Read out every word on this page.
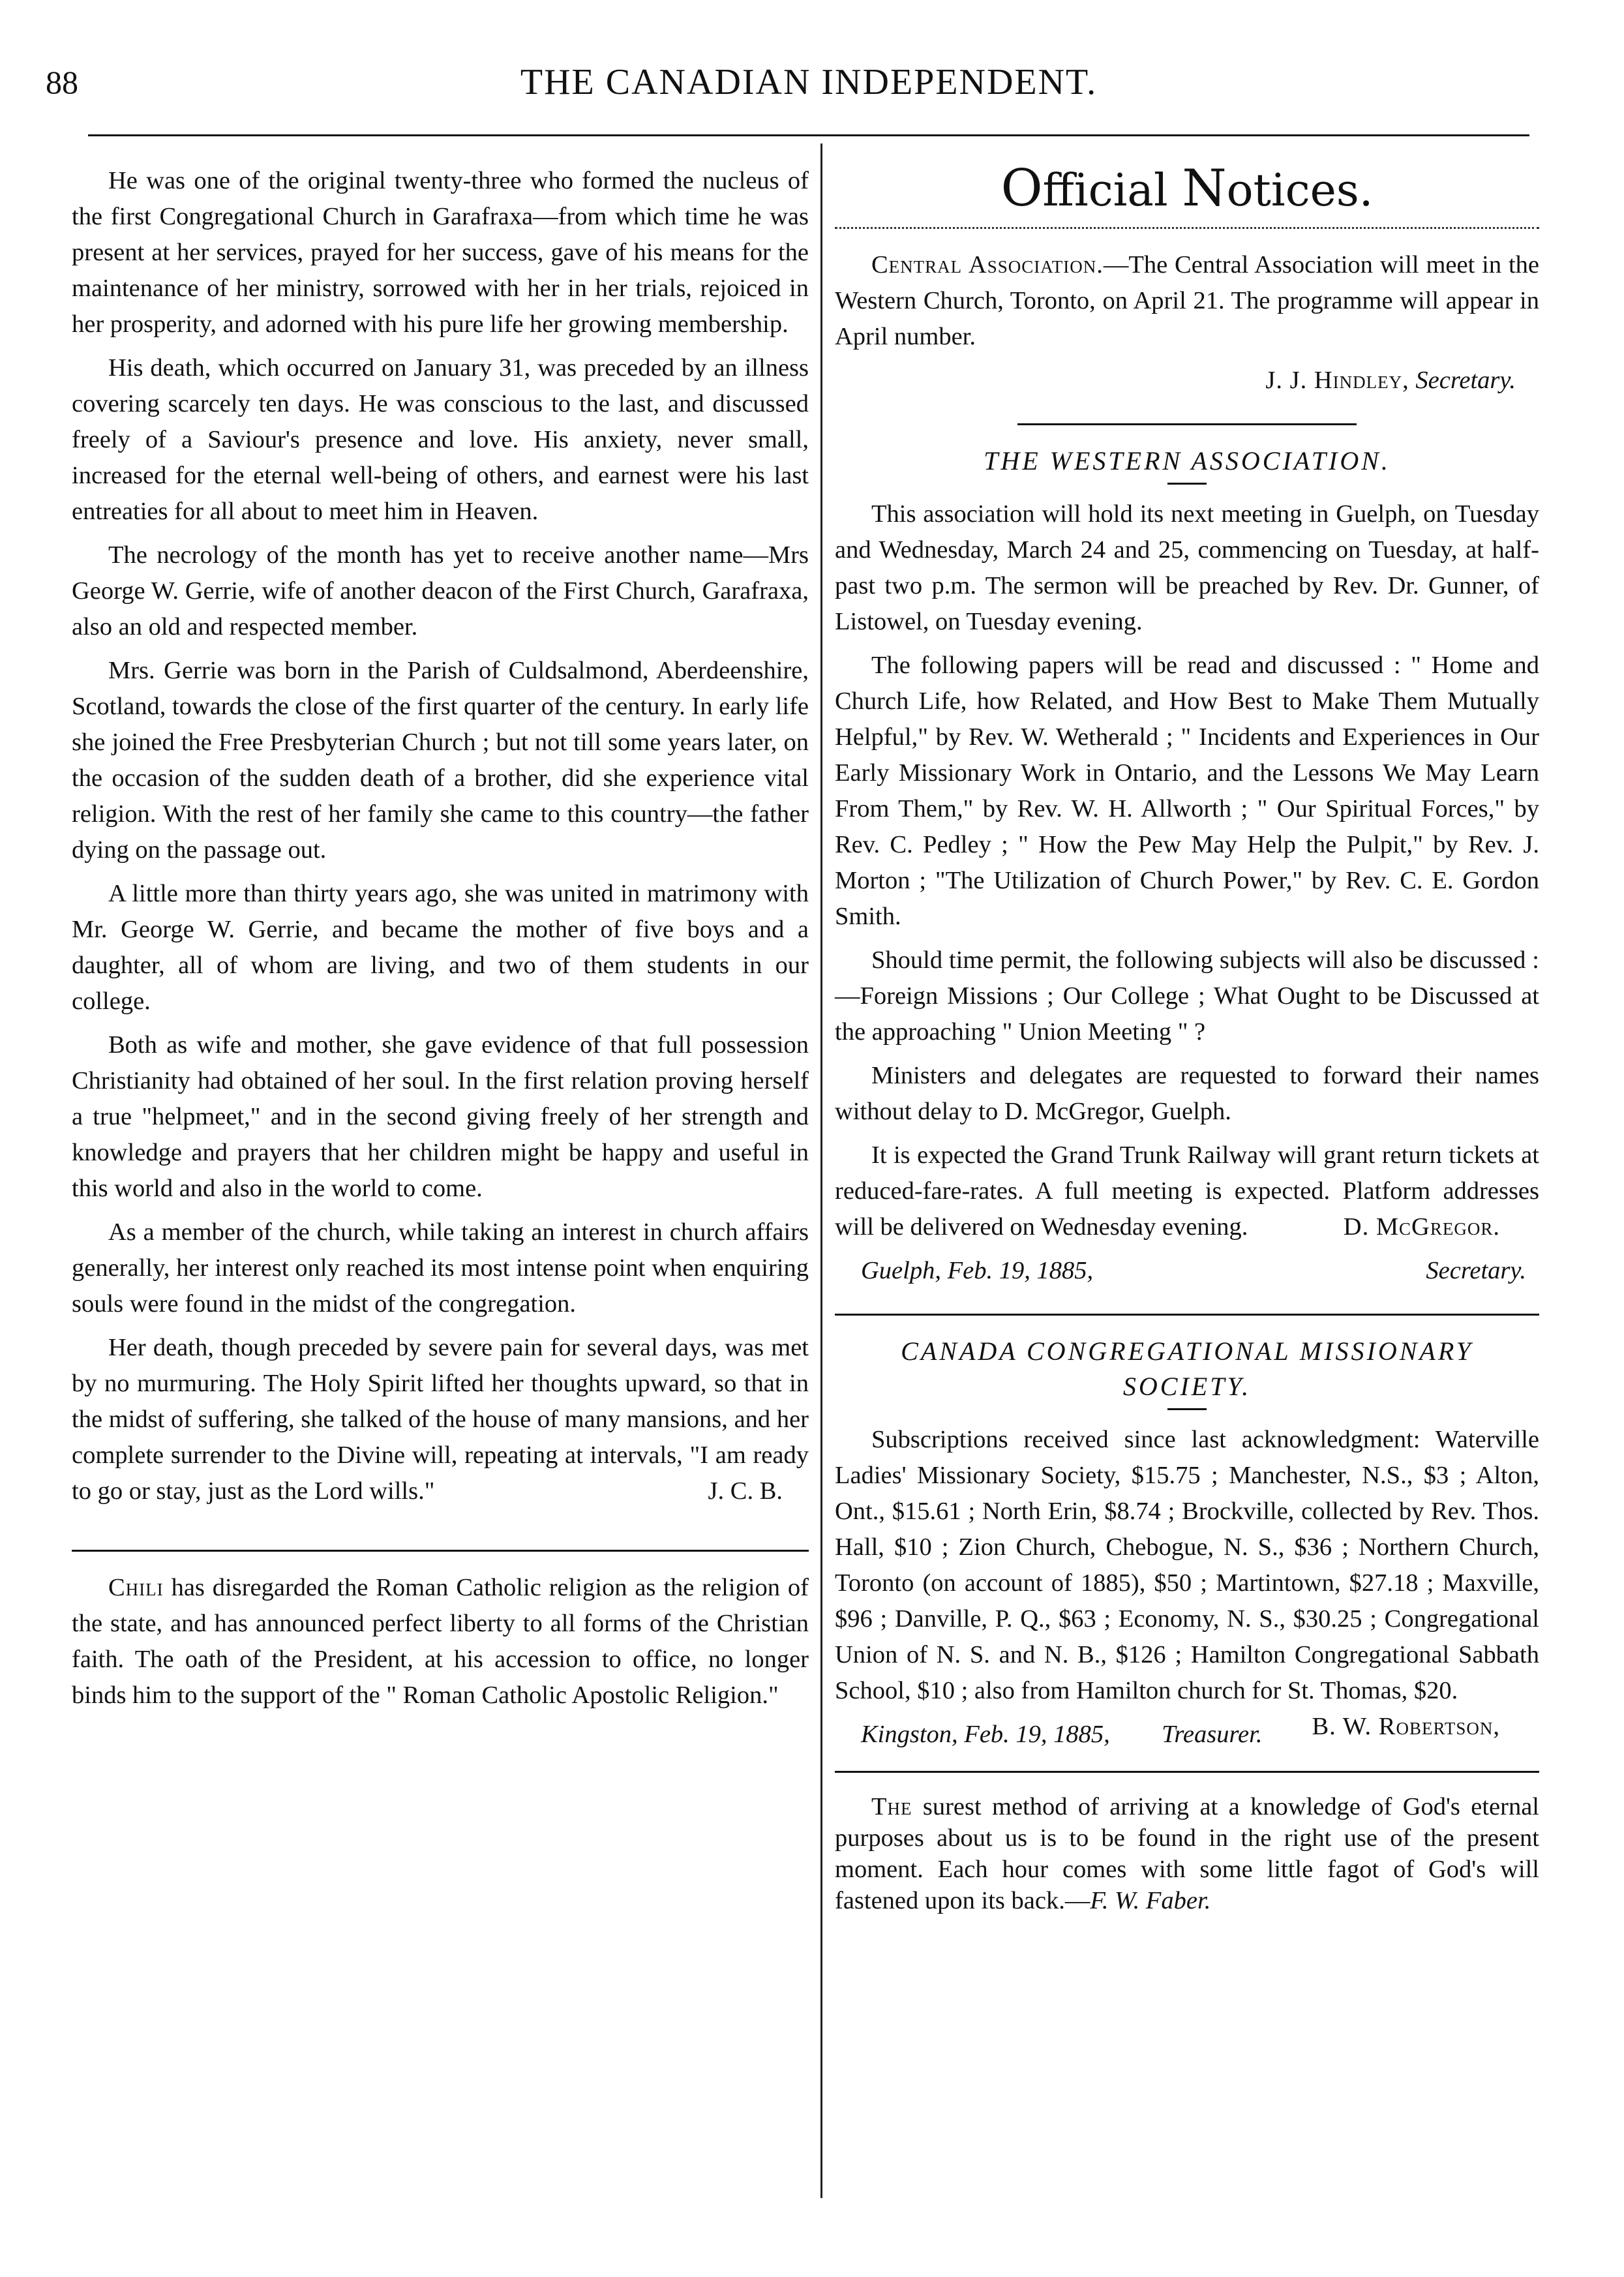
88	THE CANADIAN INDEPENDENT.

He was one of the original twenty-three who formed the nucleus of the first Congregational Church in Garafraxa—from which time he was present at her services, prayed for her success, gave of his means for the maintenance of her ministry, sorrowed with her in her trials, rejoiced in her prosperity, and adorned with his pure life her growing membership.

His death, which occurred on January 31, was preceded by an illness covering scarcely ten days. He was conscious to the last, and discussed freely of a Saviour's presence and love. His anxiety, never small, increased for the eternal well-being of others, and earnest were his last entreaties for all about to meet him in Heaven.

The necrology of the month has yet to receive another name—Mrs George W. Gerrie, wife of another deacon of the First Church, Garafraxa, also an old and respected member.

Mrs. Gerrie was born in the Parish of Culdsalmond, Aberdeenshire, Scotland, towards the close of the first quarter of the century. In early life she joined the Free Presbyterian Church ; but not till some years later, on the occasion of the sudden death of a brother, did she experience vital religion. With the rest of her family she came to this country—the father dying on the passage out.

A little more than thirty years ago, she was united in matrimony with Mr. George W. Gerrie, and became the mother of five boys and a daughter, all of whom are living, and two of them students in our college.

Both as wife and mother, she gave evidence of that full possession Christianity had obtained of her soul. In the first relation proving herself a true "helpmeet," and in the second giving freely of her strength and knowledge and prayers that her children might be happy and useful in this world and also in the world to come.

As a member of the church, while taking an interest in church affairs generally, her interest only reached its most intense point when enquiring souls were found in the midst of the congregation.

Her death, though preceded by severe pain for several days, was met by no murmuring. The Holy Spirit lifted her thoughts upward, so that in the midst of suffering, she talked of the house of many mansions, and her complete surrender to the Divine will, repeating at intervals, "I am ready to go or stay, just as the Lord wills."	J. C. B.

Chili has disregarded the Roman Catholic religion as the religion of the state, and has announced perfect liberty to all forms of the Christian faith. The oath of the President, at his accession to office, no longer binds him to the support of the " Roman Catholic Apostolic Religion."

Official Notices.

Central Association.—The Central Association will meet in the Western Church, Toronto, on April 21. The programme will appear in April number.

J. J. Hindley, Secretary.
THE WESTERN ASSOCIATION.

This association will hold its next meeting in Guelph, on Tuesday and Wednesday, March 24 and 25, commencing on Tuesday, at half-past two p.m. The sermon will be preached by Rev. Dr. Gunner, of Listowel, on Tuesday evening.

The following papers will be read and discussed : " Home and Church Life, how Related, and How Best to Make Them Mutually Helpful," by Rev. W. Wetherald ; " Incidents and Experiences in Our Early Missionary Work in Ontario, and the Lessons We May Learn From Them," by Rev. W. H. Allworth ; " Our Spiritual Forces," by Rev. C. Pedley ; " How the Pew May Help the Pulpit," by Rev. J. Morton ; "The Utilization of Church Power," by Rev. C. E. Gordon Smith.

Should time permit, the following subjects will also be discussed :—Foreign Missions ; Our College ; What Ought to be Discussed at the approaching " Union Meeting " ?

Ministers and delegates are requested to forward their names without delay to D. McGregor, Guelph.

It is expected the Grand Trunk Railway will grant return tickets at reduced-fare-rates. A full meeting is expected. Platform addresses will be delivered on Wednesday evening.	D. McGregor.

Guelph, Feb. 19, 1885,	Secretary.
CANADA CONGREGATIONAL MISSIONARY
SOCIETY.

Subscriptions received since last acknowledgment: Waterville Ladies' Missionary Society, $15.75 ; Manchester, N.S., $3 ; Alton, Ont., $15.61 ; North Erin, $8.74 ; Brockville, collected by Rev. Thos. Hall, $10 ; Zion Church, Chebogue, N. S., $36 ; Northern Church, Toronto (on account of 1885), $50 ; Martintown, $27.18 ; Maxville, $96 ; Danville, P. Q., $63 ; Economy, N. S., $30.25 ; Congregational Union of N. S. and N. B., $126 ; Hamilton Congregational Sabbath School, $10 ; also from Hamilton church for St. Thomas, $20.
B. W. Robertson,

Kingston, Feb. 19, 1885, Treasurer.

The surest method of arriving at a knowledge of God's eternal purposes about us is to be found in the right use of the present moment. Each hour comes with some little fagot of God's will fastened upon its back.—F. W. Faber.
